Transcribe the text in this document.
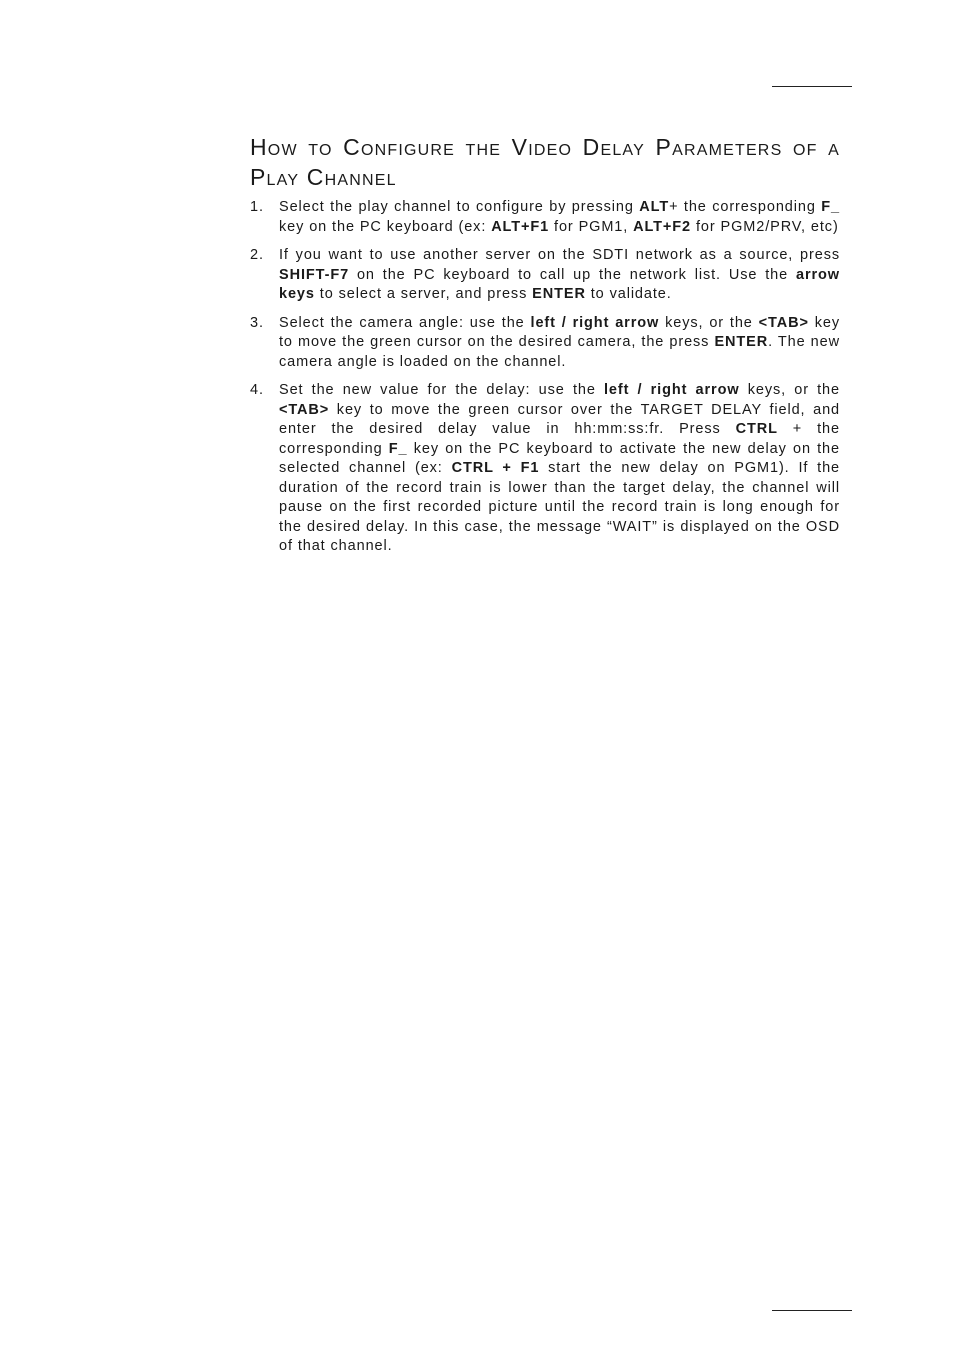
How to Configure the Video Delay Parameters of a Play Channel
1. Select the play channel to configure by pressing ALT+ the corresponding F_ key on the PC keyboard (ex: ALT+F1 for PGM1, ALT+F2 for PGM2/PRV, etc)
2. If you want to use another server on the SDTI network as a source, press SHIFT-F7 on the PC keyboard to call up the network list. Use the arrow keys to select a server, and press ENTER to validate.
3. Select the camera angle: use the left / right arrow keys, or the <TAB> key to move the green cursor on the desired camera, the press ENTER. The new camera angle is loaded on the channel.
4. Set the new value for the delay: use the left / right arrow keys, or the <TAB> key to move the green cursor over the TARGET DELAY field, and enter the desired delay value in hh:mm:ss:fr. Press CTRL + the corresponding F_ key on the PC keyboard to activate the new delay on the selected channel (ex: CTRL + F1 start the new delay on PGM1). If the duration of the record train is lower than the target delay, the channel will pause on the first recorded picture until the record train is long enough for the desired delay. In this case, the message “WAIT” is displayed on the OSD of that channel.
